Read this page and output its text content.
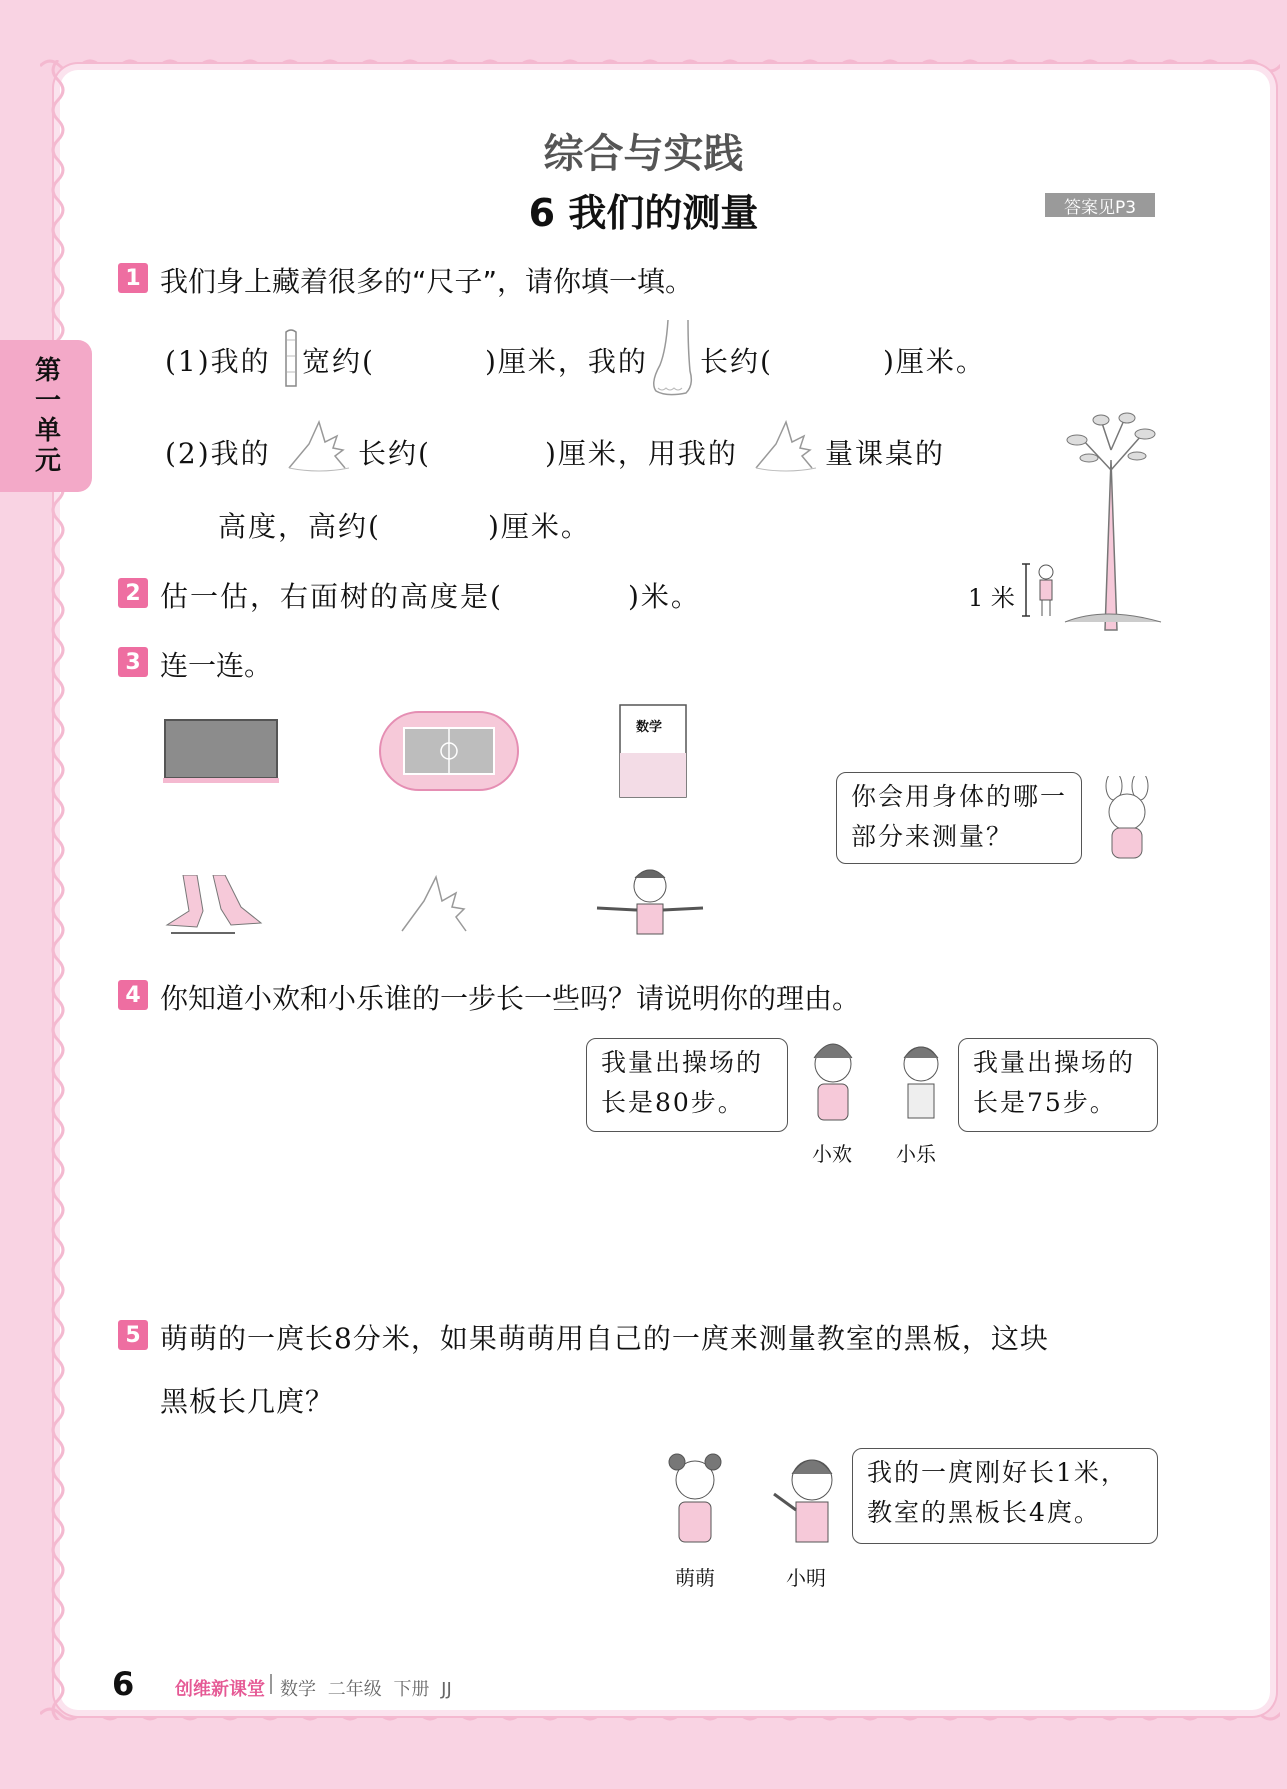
第一单元
综合与实践
6 我们的测量	答案见P3
1 我们身上藏着很多的“尺子”，请你填一填。
(1)我的 宽约(	)厘米，我的 长约(	)厘米。
(2)我的	长约(	)厘米，用我的	量课桌的
高度，高约(	)厘米。
1 米
2 估一估，右面树的高度是(	)米。
3 连一连。
数学
你会用身体的哪一部分来测量？
4 你知道小欢和小乐谁的一步长一些吗？请说明你的理由。
我量出操场的长是80步。
我量出操场的长是75步。
小欢 小乐
5 萌萌的一庹长8分米，如果萌萌用自己的一庹来测量教室的黑板，这块
黑板长几庹？
我的一庹刚好长1米，教室的黑板长4庹。
萌萌	小明
6 创维新课堂 数学 二年级 下册 JJ
